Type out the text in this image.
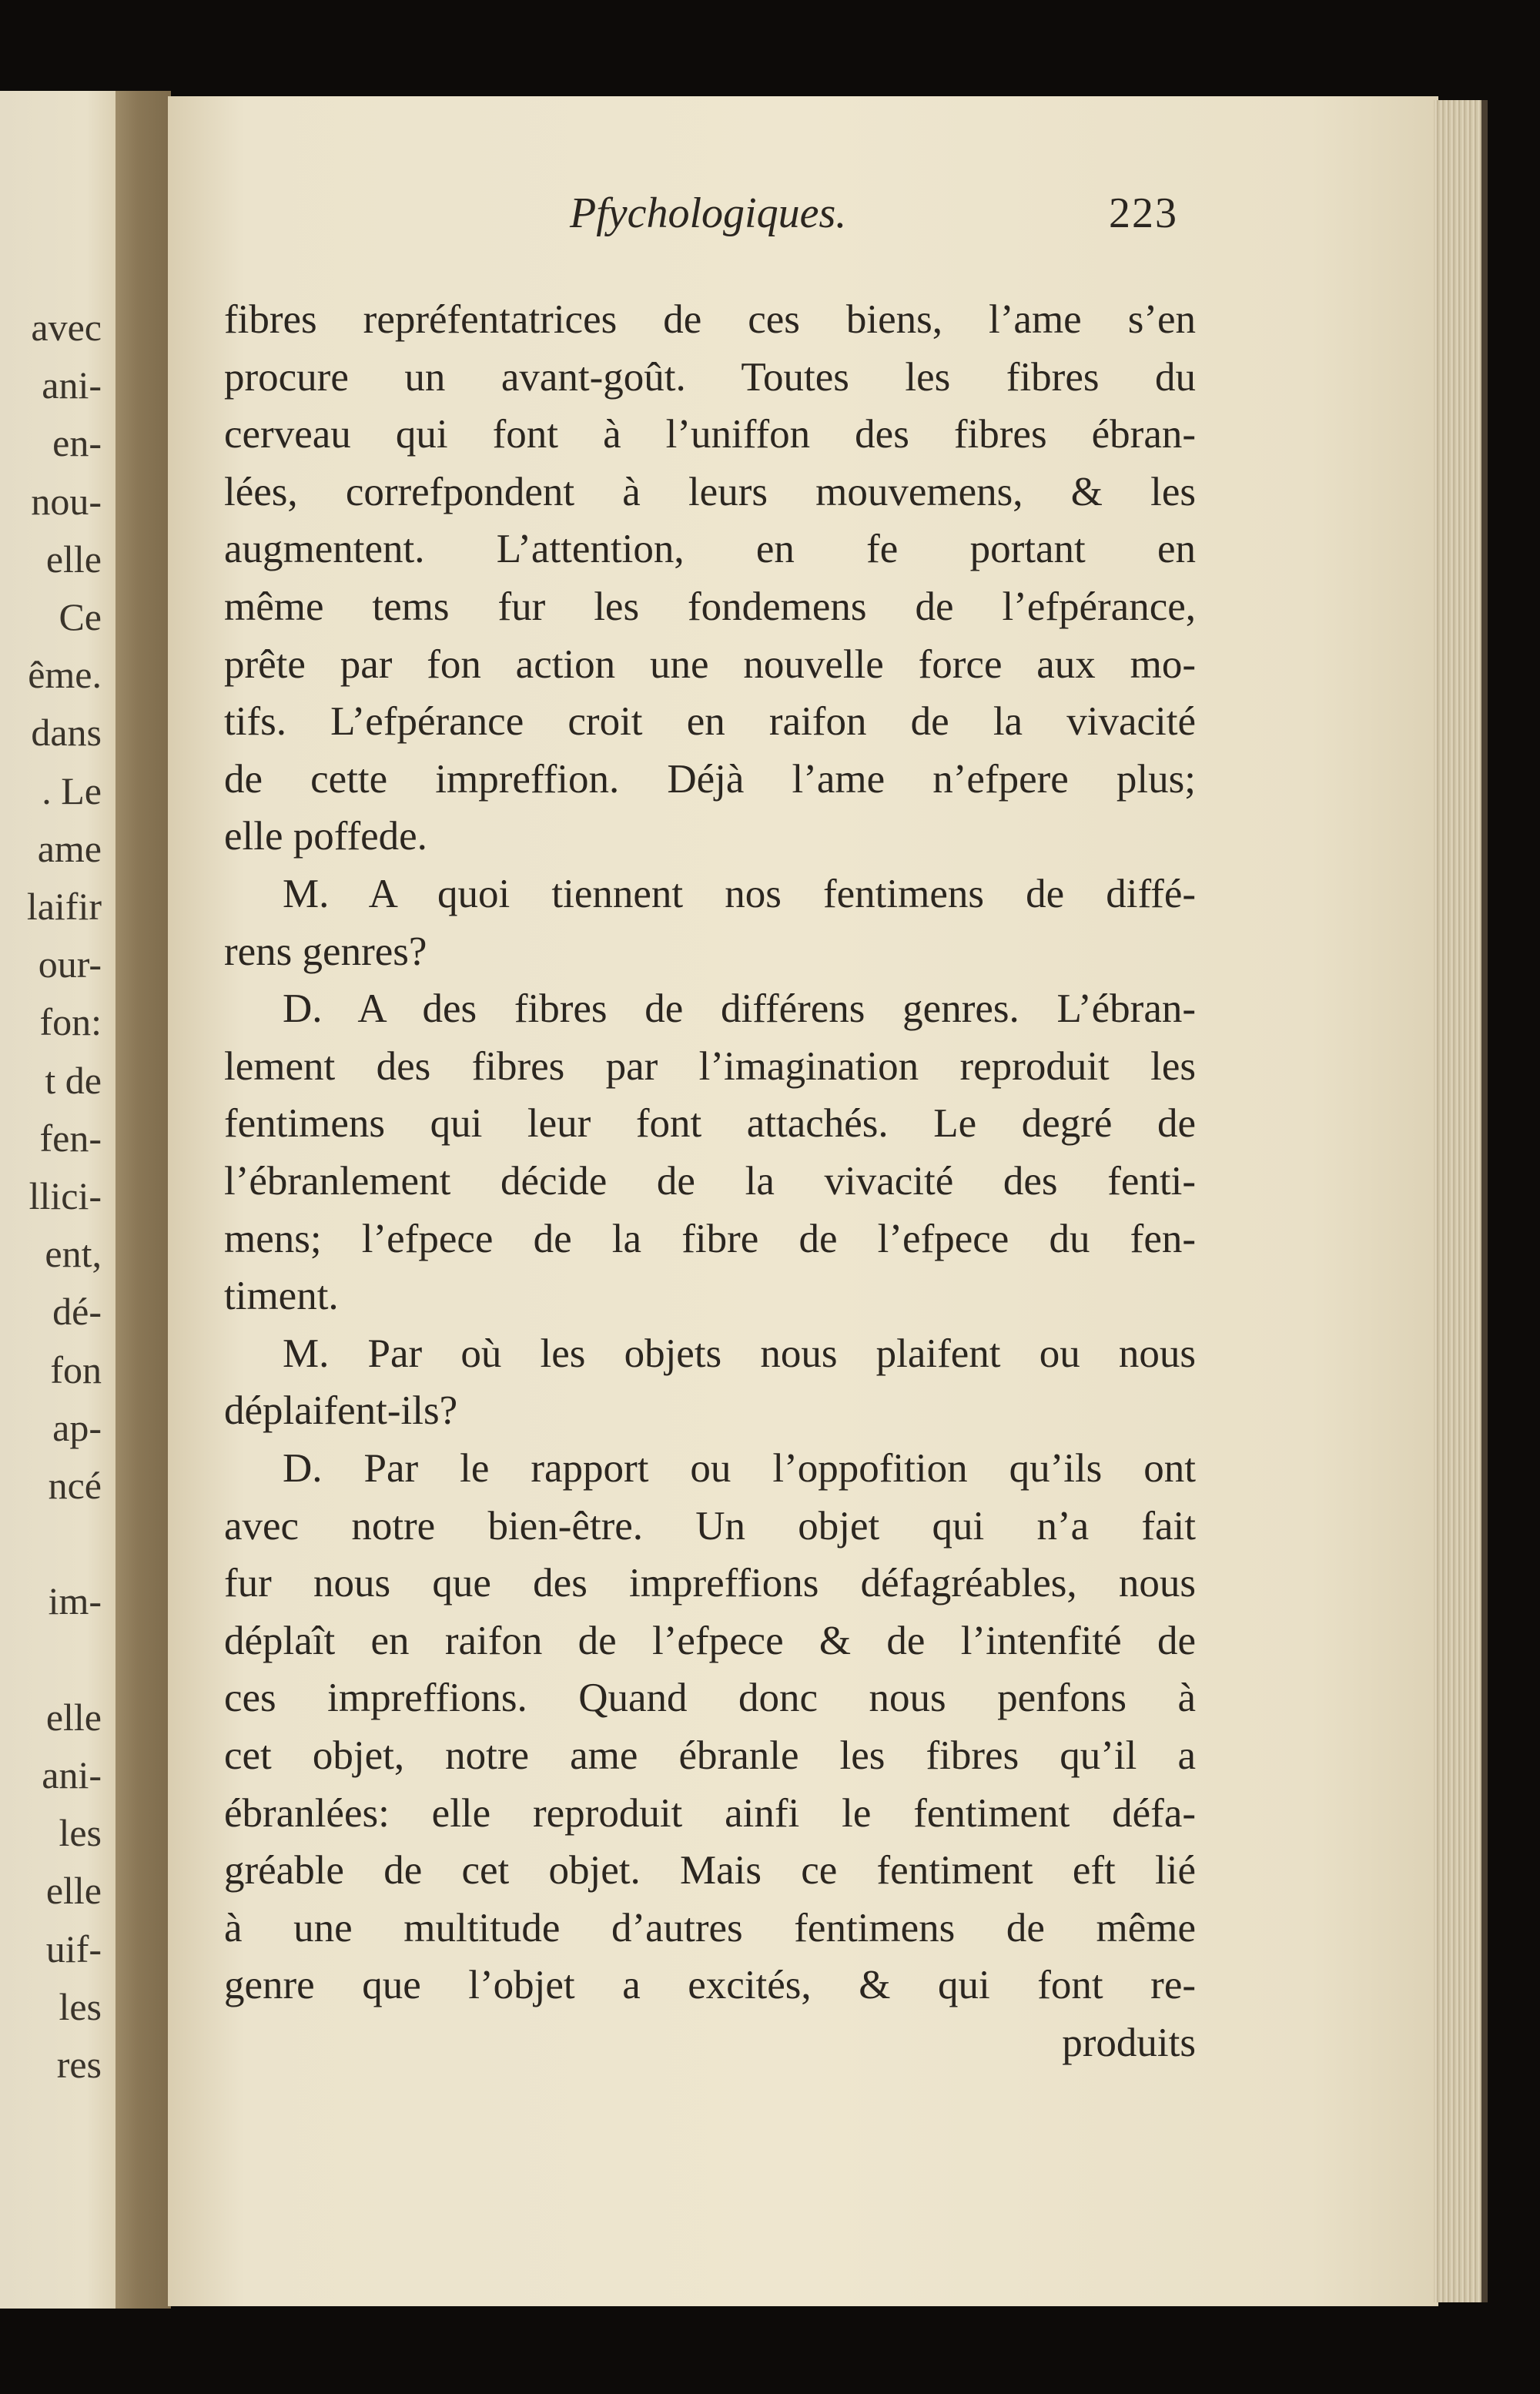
Pfychologiques.	223
fibres repréfentatrices de ces biens, l’ame s’en
procure un avant-goût. Toutes les fibres du
cerveau qui font à l’uniffon des fibres ébran-
lées, correfpondent à leurs mouvemens, & les
augmentent. L’attention, en fe portant en
même tems fur les fondemens de l’efpérance,
prête par fon action une nouvelle force aux mo-
tifs. L’efpérance croit en raifon de la vivacité
de cette impreffion. Déjà l’ame n’efpere plus;
elle poffede.
M. A quoi tiennent nos fentimens de diffé-
rens genres?
D. A des fibres de différens genres. L’ébran-
lement des fibres par l’imagination reproduit les
fentimens qui leur font attachés. Le degré de
l’ébranlement décide de la vivacité des fenti-
mens; l’efpece de la fibre de l’efpece du fen-
timent.
M. Par où les objets nous plaifent ou nous
déplaifent-ils?
D. Par le rapport ou l’oppofition qu’ils ont
avec notre bien-être. Un objet qui n’a fait
fur nous que des impreffions défagréables, nous
déplaît en raifon de l’efpece & de l’intenfité de
ces impreffions. Quand donc nous penfons à
cet objet, notre ame ébranle les fibres qu’il a
ébranlées: elle reproduit ainfi le fentiment défa-
gréable de cet objet. Mais ce fentiment eft lié
à une multitude d’autres fentimens de même
genre que l’objet a excités, & qui font re-
produits
avec
ani-
en-
nou-
elle
Ce
ême.
dans
. Le
ame
laifir
our-
fon:
t de
fen-
llici-
ent,
dé-
fon
ap-
ncé
im-
elle
ani-
les
elle
uif-
les
res
